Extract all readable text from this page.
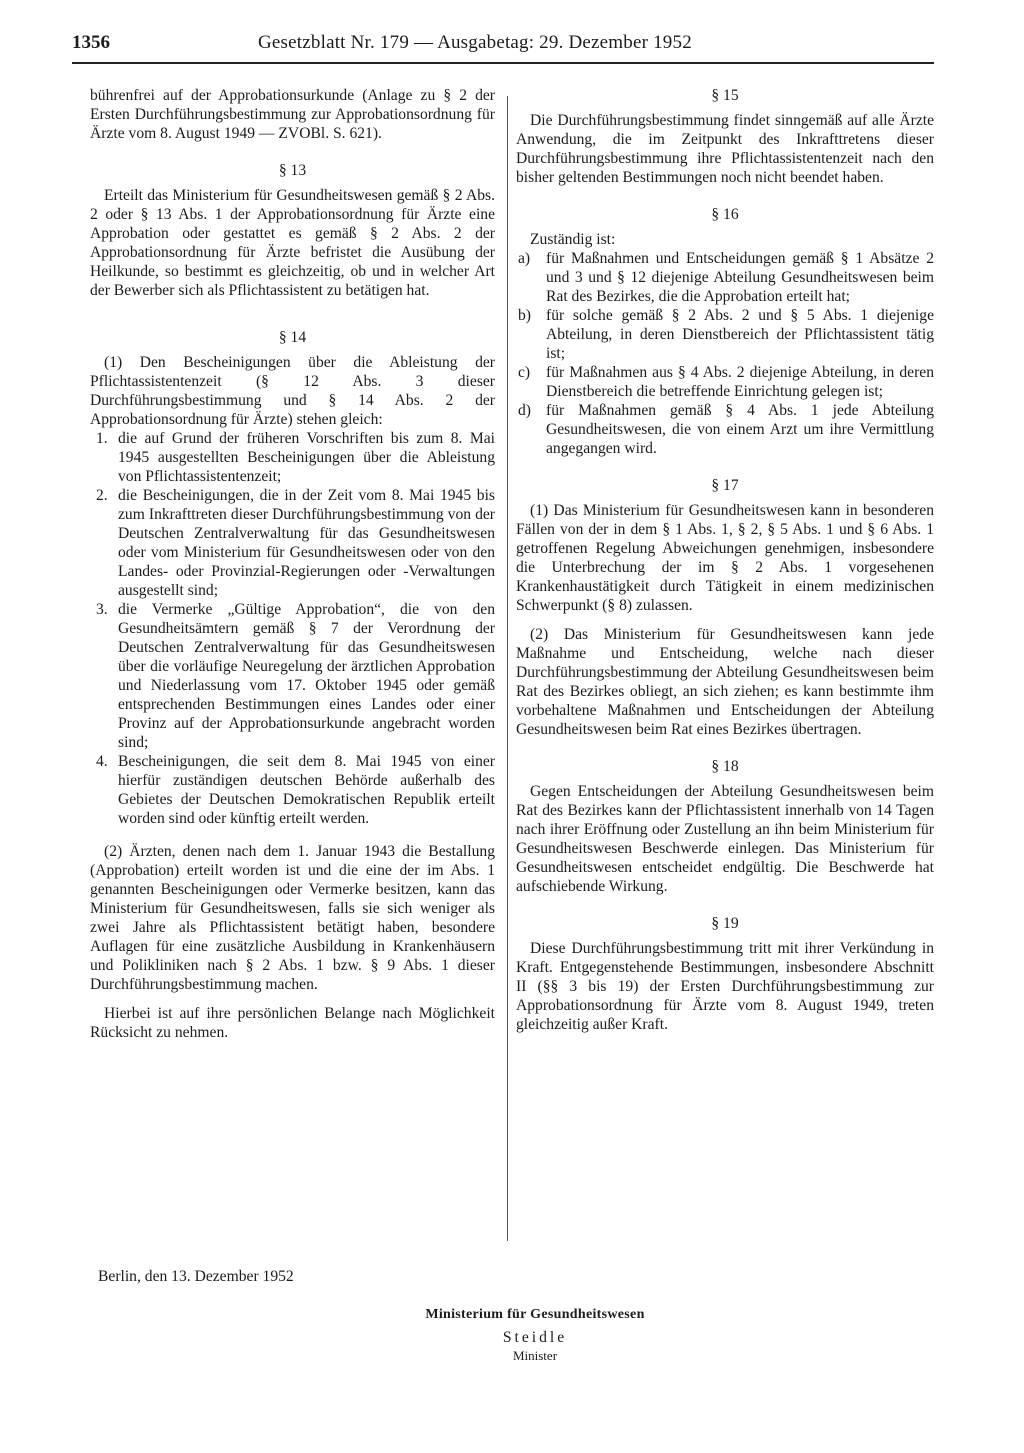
1356	Gesetzblatt Nr. 179 — Ausgabetag: 29. Dezember 1952

bührenfrei auf der Approbationsurkunde (Anlage zu § 2 der Ersten Durchführungsbestimmung zur Approbationsordnung für Ärzte vom 8. August 1949 — ZVOBl. S. 621).

§ 13

Erteilt das Ministerium für Gesundheitswesen gemäß § 2 Abs. 2 oder § 13 Abs. 1 der Approbationsordnung für Ärzte eine Approbation oder gestattet es gemäß § 2 Abs. 2 der Approbationsordnung für Ärzte befristet die Ausübung der Heilkunde, so bestimmt es gleichzeitig, ob und in welcher Art der Bewerber sich als Pflichtassistent zu betätigen hat.

§ 14

(1) Den Bescheinigungen über die Ableistung der Pflichtassistentenzeit (§ 12 Abs. 3 dieser Durchführungsbestimmung und § 14 Abs. 2 der Approbationsordnung für Ärzte) stehen gleich:

1. die auf Grund der früheren Vorschriften bis zum 8. Mai 1945 ausgestellten Bescheinigungen über die Ableistung von Pflichtassistentenzeit;
2. die Bescheinigungen, die in der Zeit vom 8. Mai 1945 bis zum Inkrafttreten dieser Durchführungsbestimmung von der Deutschen Zentralverwaltung für das Gesundheitswesen oder vom Ministerium für Gesundheitswesen oder von den Landes- oder Provinzial-Regierungen oder -Verwaltungen ausgestellt sind;
3. die Vermerke „Gültige Approbation“, die von den Gesundheitsämtern gemäß § 7 der Verordnung der Deutschen Zentralverwaltung für das Gesundheitswesen über die vorläufige Neuregelung der ärztlichen Approbation und Niederlassung vom 17. Oktober 1945 oder gemäß entsprechenden Bestimmungen eines Landes oder einer Provinz auf der Approbationsurkunde angebracht worden sind;
4. Bescheinigungen, die seit dem 8. Mai 1945 von einer hierfür zuständigen deutschen Behörde außerhalb des Gebietes der Deutschen Demokratischen Republik erteilt worden sind oder künftig erteilt werden.

(2) Ärzten, denen nach dem 1. Januar 1943 die Bestallung (Approbation) erteilt worden ist und die eine der im Abs. 1 genannten Bescheinigungen oder Vermerke besitzen, kann das Ministerium für Gesundheitswesen, falls sie sich weniger als zwei Jahre als Pflichtassistent betätigt haben, besondere Auflagen für eine zusätzliche Ausbildung in Krankenhäusern und Polikliniken nach § 2 Abs. 1 bzw. § 9 Abs. 1 dieser Durchführungsbestimmung machen.

Hierbei ist auf ihre persönlichen Belange nach Möglichkeit Rücksicht zu nehmen.

§ 15

Die Durchführungsbestimmung findet sinngemäß auf alle Ärzte Anwendung, die im Zeitpunkt des Inkrafttretens dieser Durchführungsbestimmung ihre Pflichtassistentenzeit nach den bisher geltenden Bestimmungen noch nicht beendet haben.

§ 16

Zuständig ist:

a) für Maßnahmen und Entscheidungen gemäß § 1 Absätze 2 und 3 und § 12 diejenige Abteilung Gesundheitswesen beim Rat des Bezirkes, die die Approbation erteilt hat;
b) für solche gemäß § 2 Abs. 2 und § 5 Abs. 1 diejenige Abteilung, in deren Dienstbereich der Pflichtassistent tätig ist;
c) für Maßnahmen aus § 4 Abs. 2 diejenige Abteilung, in deren Dienstbereich die betreffende Einrichtung gelegen ist;
d) für Maßnahmen gemäß § 4 Abs. 1 jede Abteilung Gesundheitswesen, die von einem Arzt um ihre Vermittlung angegangen wird.

§ 17

(1) Das Ministerium für Gesundheitswesen kann in besonderen Fällen von der in dem § 1 Abs. 1, § 2, § 5 Abs. 1 und § 6 Abs. 1 getroffenen Regelung Abweichungen genehmigen, insbesondere die Unterbrechung der im § 2 Abs. 1 vorgesehenen Krankenhaustätigkeit durch Tätigkeit in einem medizinischen Schwerpunkt (§ 8) zulassen.

(2) Das Ministerium für Gesundheitswesen kann jede Maßnahme und Entscheidung, welche nach dieser Durchführungsbestimmung der Abteilung Gesundheitswesen beim Rat des Bezirkes obliegt, an sich ziehen; es kann bestimmte ihm vorbehaltene Maßnahmen und Entscheidungen der Abteilung Gesundheitswesen beim Rat eines Bezirkes übertragen.

§ 18

Gegen Entscheidungen der Abteilung Gesundheitswesen beim Rat des Bezirkes kann der Pflichtassistent innerhalb von 14 Tagen nach ihrer Eröffnung oder Zustellung an ihn beim Ministerium für Gesundheitswesen Beschwerde einlegen. Das Ministerium für Gesundheitswesen entscheidet endgültig. Die Beschwerde hat aufschiebende Wirkung.

§ 19

Diese Durchführungsbestimmung tritt mit ihrer Verkündung in Kraft. Entgegenstehende Bestimmungen, insbesondere Abschnitt II (§§ 3 bis 19) der Ersten Durchführungsbestimmung zur Approbationsordnung für Ärzte vom 8. August 1949, treten gleichzeitig außer Kraft.

Berlin, den 13. Dezember 1952
Ministerium für Gesundheitswesen
Steidle
Minister
